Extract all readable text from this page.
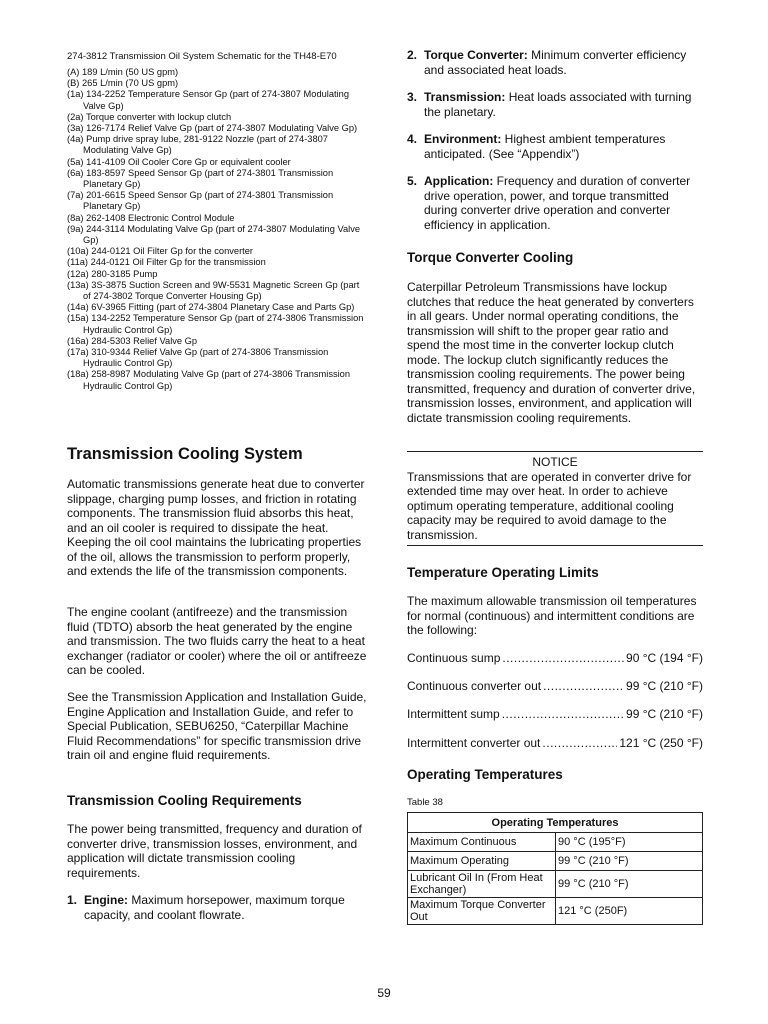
274-3812 Transmission Oil System Schematic for the TH48-E70
(A) 189 L/min (50 US gpm)
(B) 265 L/min (70 US gpm)
(1a) 134-2252 Temperature Sensor Gp (part of 274-3807 Modulating Valve Gp)
(2a) Torque converter with lockup clutch
(3a) 126-7174 Relief Valve Gp (part of 274-3807 Modulating Valve Gp)
(4a) Pump drive spray lube, 281-9122 Nozzle (part of 274-3807 Modulating Valve Gp)
(5a) 141-4109 Oil Cooler Core Gp or equivalent cooler
(6a) 183-8597 Speed Sensor Gp (part of 274-3801 Transmission Planetary Gp)
(7a) 201-6615 Speed Sensor Gp (part of 274-3801 Transmission Planetary Gp)
(8a) 262-1408 Electronic Control Module
(9a) 244-3114 Modulating Valve Gp (part of 274-3807 Modulating Valve Gp)
(10a) 244-0121 Oil Filter Gp for the converter
(11a) 244-0121 Oil Filter Gp for the transmission
(12a) 280-3185 Pump
(13a) 3S-3875 Suction Screen and 9W-5531 Magnetic Screen Gp (part of 274-3802 Torque Converter Housing Gp)
(14a) 6V-3965 Fitting (part of 274-3804 Planetary Case and Parts Gp)
(15a) 134-2252 Temperature Sensor Gp (part of 274-3806 Transmission Hydraulic Control Gp)
(16a) 284-5303 Relief Valve Gp
(17a) 310-9344 Relief Valve Gp (part of 274-3806 Transmission Hydraulic Control Gp)
(18a) 258-8987 Modulating Valve Gp (part of 274-3806 Transmission Hydraulic Control Gp)
Transmission Cooling System

Automatic transmissions generate heat due to converter slippage, charging pump losses, and friction in rotating components. The transmission fluid absorbs this heat, and an oil cooler is required to dissipate the heat. Keeping the oil cool maintains the lubricating properties of the oil, allows the transmission to perform properly, and extends the life of the transmission components.

The engine coolant (antifreeze) and the transmission fluid (TDTO) absorb the heat generated by the engine and transmission. The two fluids carry the heat to a heat exchanger (radiator or cooler) where the oil or antifreeze can be cooled.

See the Transmission Application and Installation Guide, Engine Application and Installation Guide, and refer to Special Publication, SEBU6250, “Caterpillar Machine Fluid Recommendations” for specific transmission drive train oil and engine fluid requirements.

Transmission Cooling Requirements

The power being transmitted, frequency and duration of converter drive, transmission losses, environment, and application will dictate transmission cooling requirements.

1. Engine: Maximum horsepower, maximum torque capacity, and coolant flowrate.
2. Torque Converter: Minimum converter efficiency and associated heat loads.
3. Transmission: Heat loads associated with turning the planetary.
4. Environment: Highest ambient temperatures anticipated. (See “Appendix”)
5. Application: Frequency and duration of converter drive operation, power, and torque transmitted during converter drive operation and converter efficiency in application.
Torque Converter Cooling

Caterpillar Petroleum Transmissions have lockup clutches that reduce the heat generated by converters in all gears. Under normal operating conditions, the transmission will shift to the proper gear ratio and spend the most time in the converter lockup clutch mode. The lockup clutch significantly reduces the transmission cooling requirements. The power being transmitted, frequency and duration of converter drive, transmission losses, environment, and application will dictate transmission cooling requirements.

NOTICE
Transmissions that are operated in converter drive for extended time may over heat. In order to achieve optimum operating temperature, additional cooling capacity may be required to avoid damage to the transmission.
Temperature Operating Limits

The maximum allowable transmission oil temperatures for normal (continuous) and intermittent conditions are the following:

Continuous sump .....	90 °C (194 °F)
Continuous converter out .....	99 °C (210 °F)
Intermittent sump .....	99 °C (210 °F)
Intermittent converter out .....	121 °C (250 °F)
Operating Temperatures
Table 38
Operating Temperatures	
Maximum Continuous	90 °C (195°F)
Maximum Operating	99 °C (210 °F)
Lubricant Oil In (From Heat Exchanger)	99 °C (210 °F)
Maximum Torque Converter Out	121 °C (250F)
59
